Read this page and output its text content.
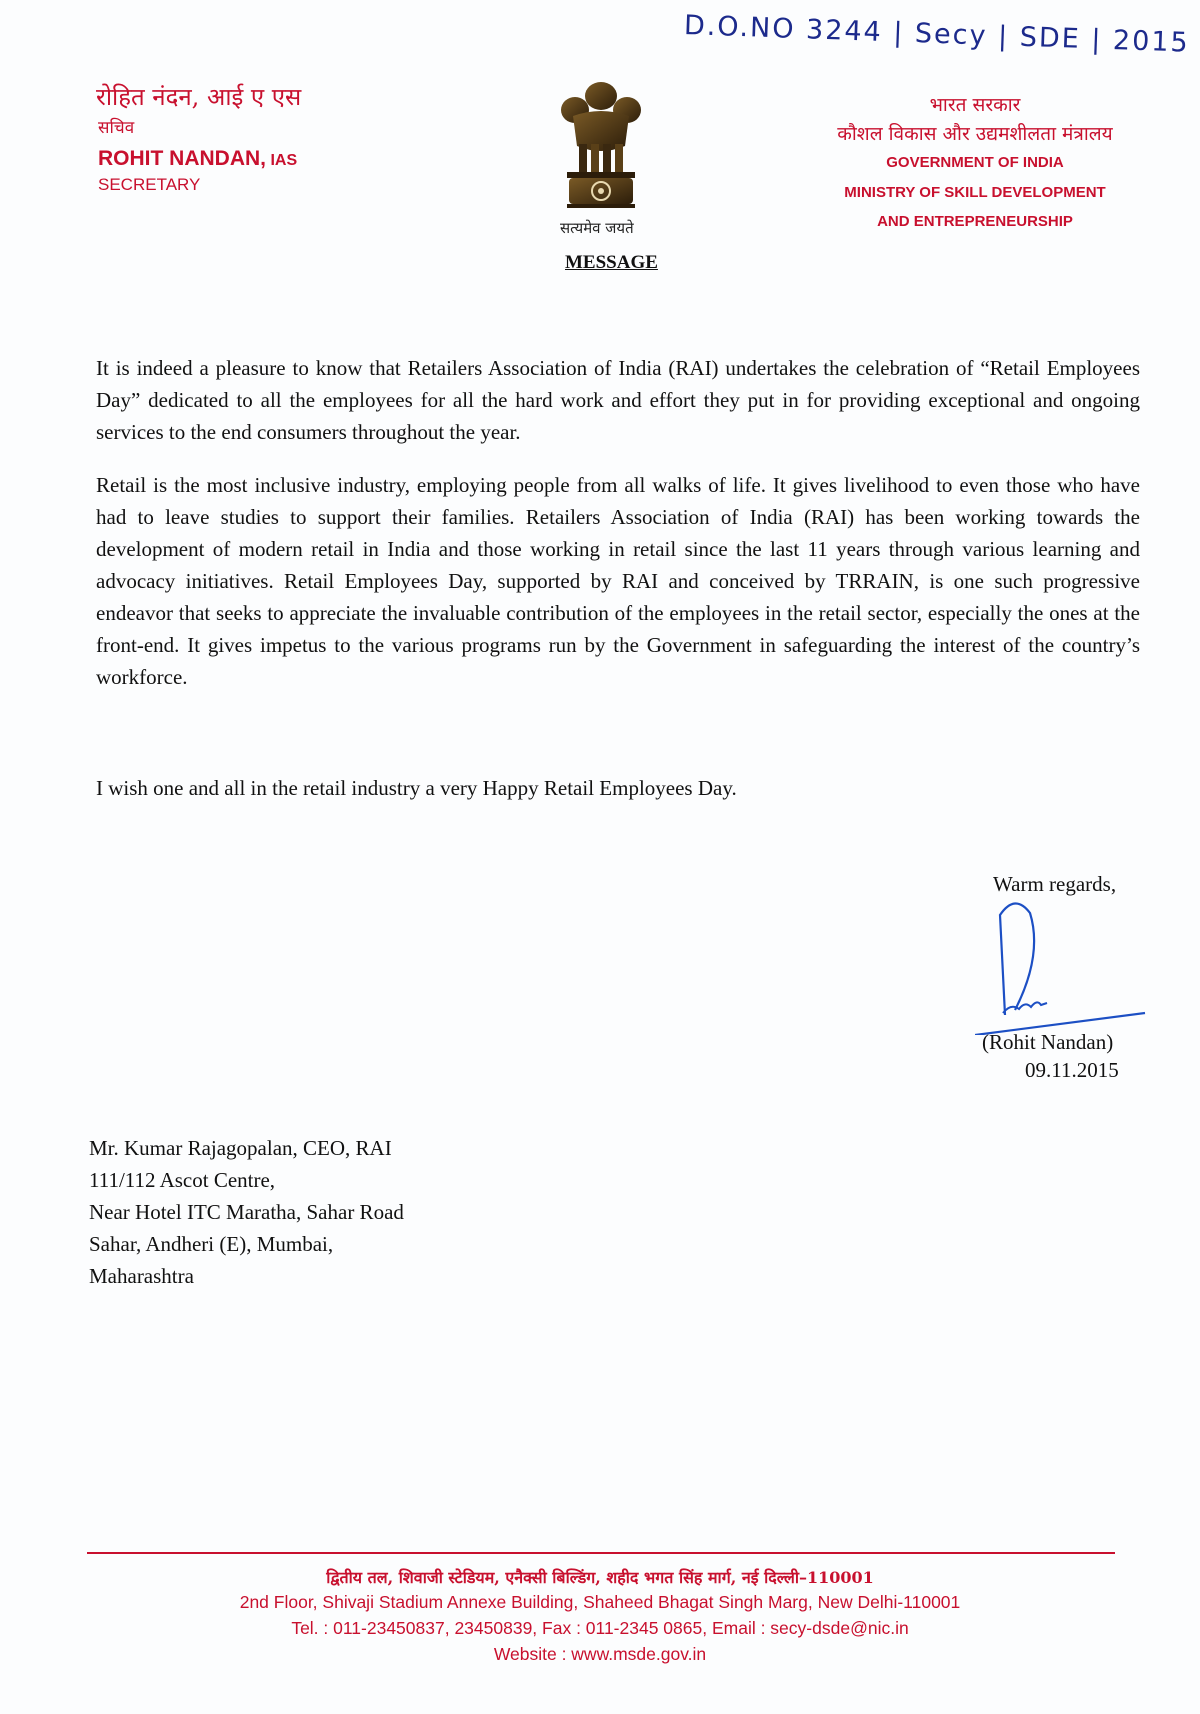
D.O.NO 3244 | Secy | SDE | 2015
रोहित नंदन, आई ए एस
सचिव
ROHIT NANDAN, IAS
SECRETARY
सत्यमेव जयते
MESSAGE
भारत सरकार
कौशल विकास और उद्यमशीलता मंत्रालय
GOVERNMENT OF INDIA
MINISTRY OF SKILL DEVELOPMENT
AND ENTREPRENEURSHIP
It is indeed a pleasure to know that Retailers Association of India (RAI) undertakes the celebration of “Retail Employees Day” dedicated to all the employees for all the hard work and effort they put in for providing exceptional and ongoing services to the end consumers throughout the year.
Retail is the most inclusive industry, employing people from all walks of life. It gives livelihood to even those who have had to leave studies to support their families. Retailers Association of India (RAI) has been working towards the development of modern retail in India and those working in retail since the last 11 years through various learning and advocacy initiatives. Retail Employees Day, supported by RAI and conceived by TRRAIN, is one such progressive endeavor that seeks to appreciate the invaluable contribution of the employees in the retail sector, especially the ones at the front-end. It gives impetus to the various programs run by the Government in safeguarding the interest of the country’s workforce.
I wish one and all in the retail industry a very Happy Retail Employees Day.
Warm regards,
(Rohit Nandan)
09.11.2015
Mr. Kumar Rajagopalan, CEO, RAI
111/112 Ascot Centre,
Near Hotel ITC Maratha, Sahar Road
Sahar, Andheri (E), Mumbai,
Maharashtra
द्वितीय तल, शिवाजी स्टेडियम, एनैक्सी बिल्डिंग, शहीद भगत सिंह मार्ग, नई दिल्ली–110001
2nd Floor, Shivaji Stadium Annexe Building, Shaheed Bhagat Singh Marg, New Delhi-110001
Tel. : 011-23450837, 23450839, Fax : 011-2345 0865, Email : secy-dsde@nic.in
Website : www.msde.gov.in
